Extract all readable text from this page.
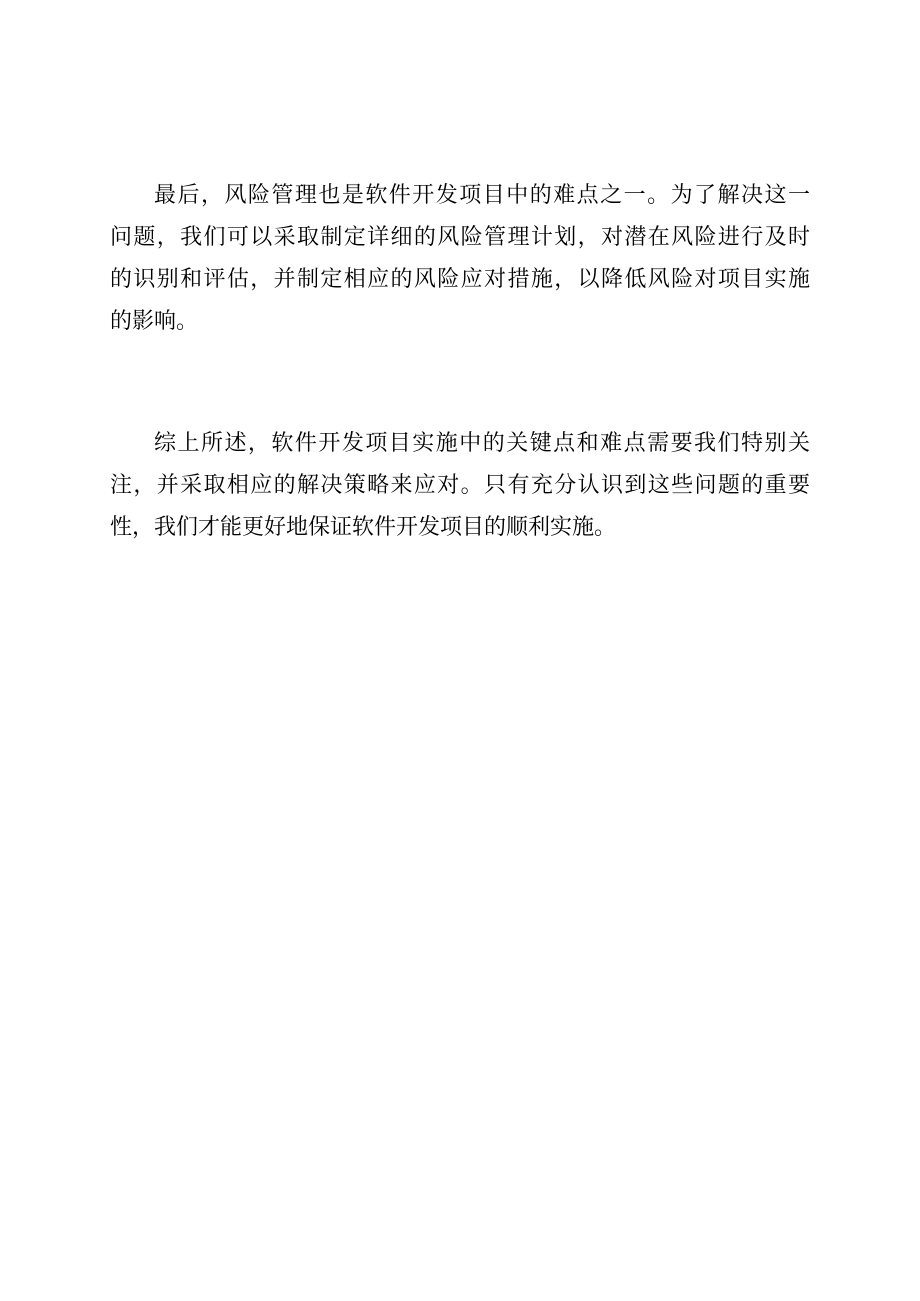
最后，风险管理也是软件开发项目中的难点之一。为了解决这一
问题，我们可以采取制定详细的风险管理计划，对潜在风险进行及时
的识别和评估，并制定相应的风险应对措施，以降低风险对项目实施
的影响。
综上所述，软件开发项目实施中的关键点和难点需要我们特别关
注，并采取相应的解决策略来应对。只有充分认识到这些问题的重要
性，我们才能更好地保证软件开发项目的顺利实施。
